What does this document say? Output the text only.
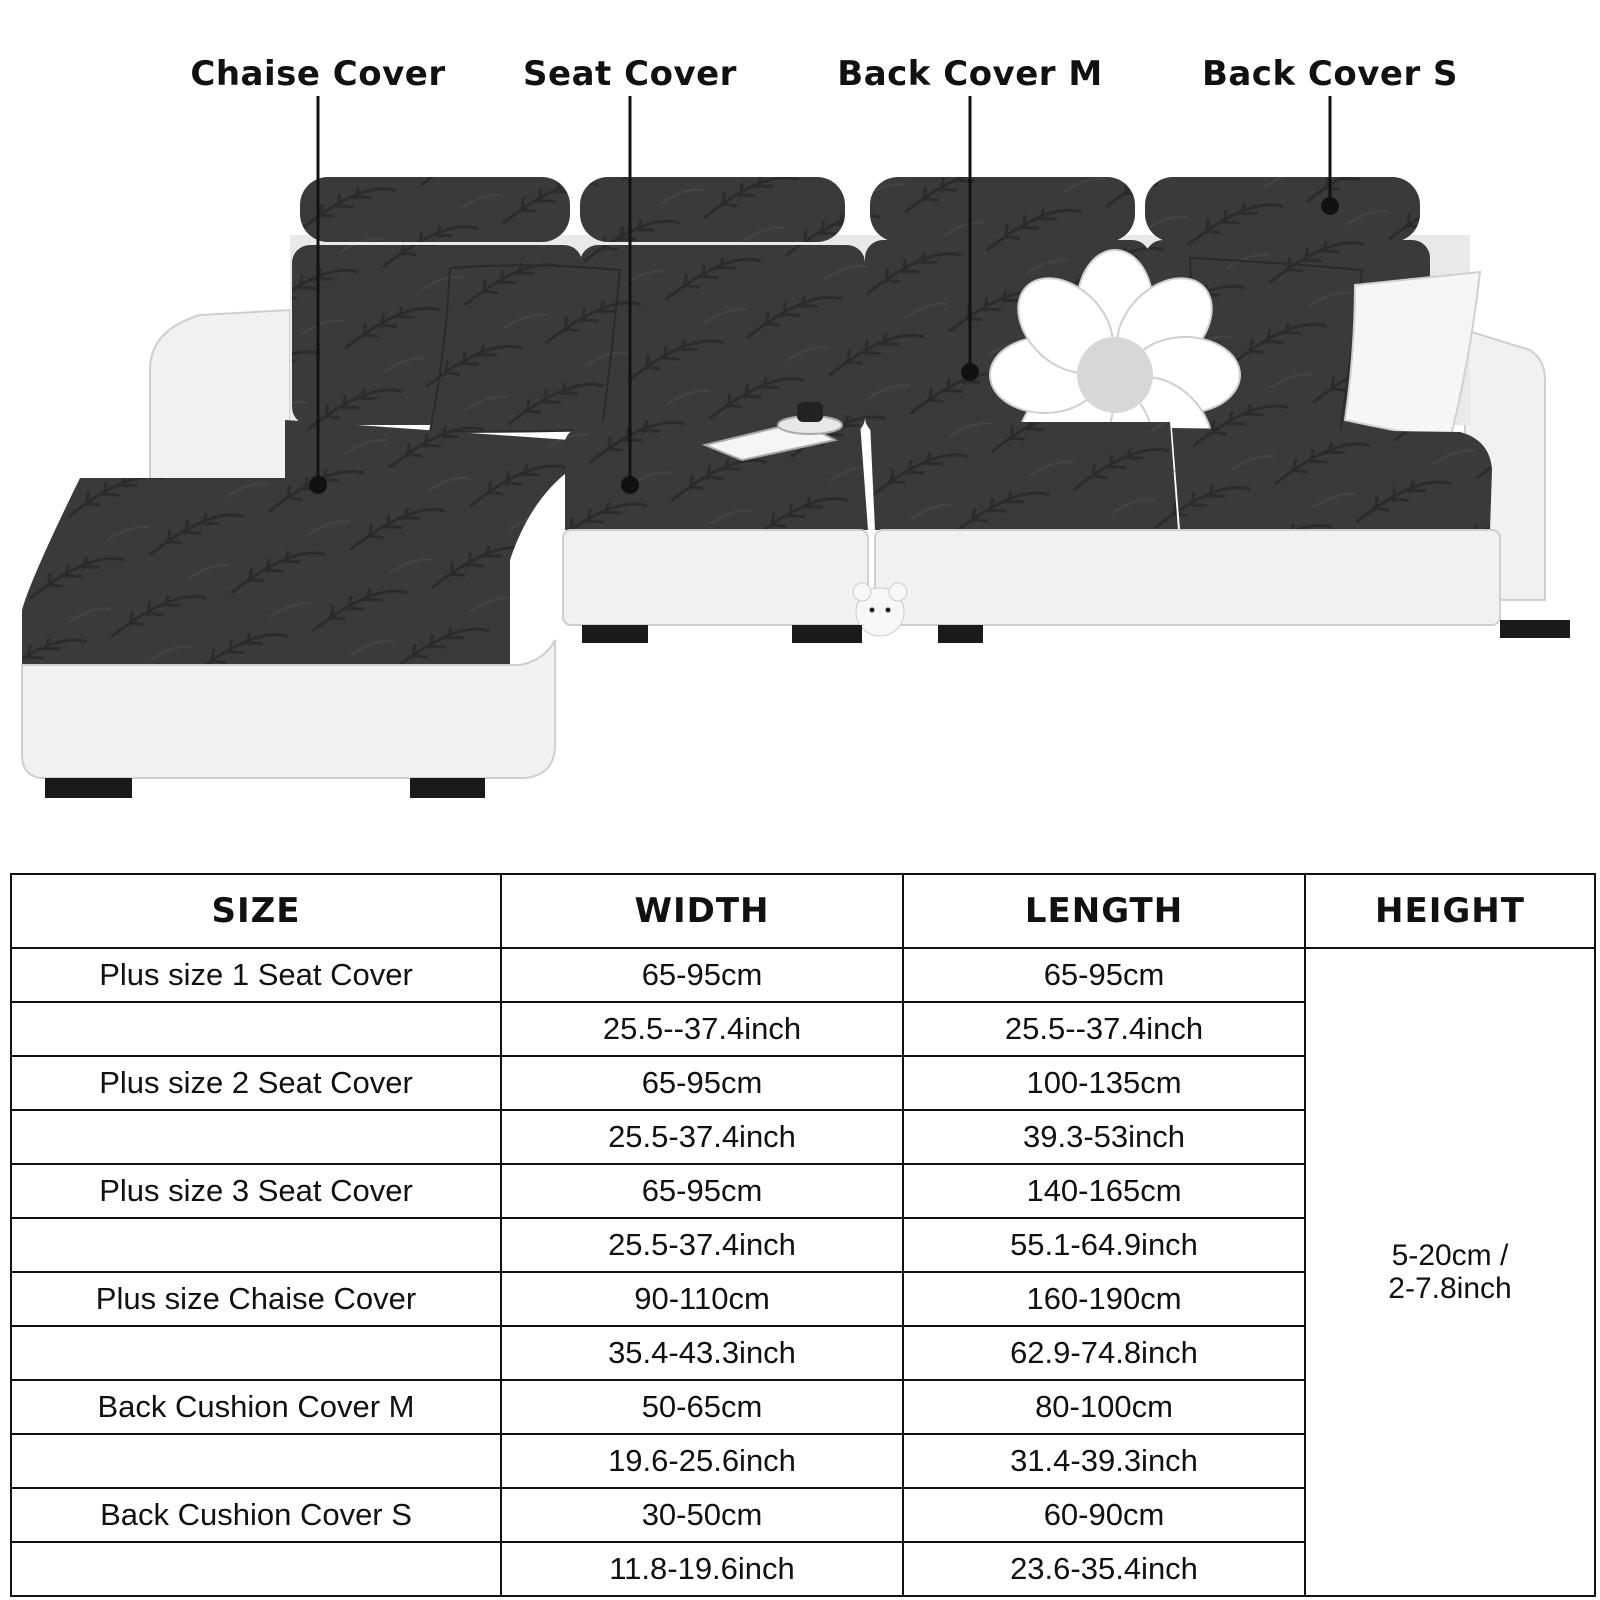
Chaise Cover Seat Cover	Back Cover M	Back Cover S
SIZE	WIDTH	LENGTH	HEIGHT
Plus size 1 Seat Cover	65-95cm	65-95cm	5-20cm /
2-7.8inch

	25.5--37.4inch	25.5--37.4inch	
Plus size 2 Seat Cover	65-95cm	100-135cm	
	25.5-37.4inch	39.3-53inch	
Plus size 3 Seat Cover	65-95cm	140-165cm	
	25.5-37.4inch	55.1-64.9inch	
Plus size Chaise Cover	90-110cm	160-190cm	
	35.4-43.3inch	62.9-74.8inch	
Back Cushion Cover M	50-65cm	80-100cm	
	19.6-25.6inch	31.4-39.3inch	
Back Cushion Cover S	30-50cm	60-90cm	
	11.8-19.6inch	23.6-35.4inch	
